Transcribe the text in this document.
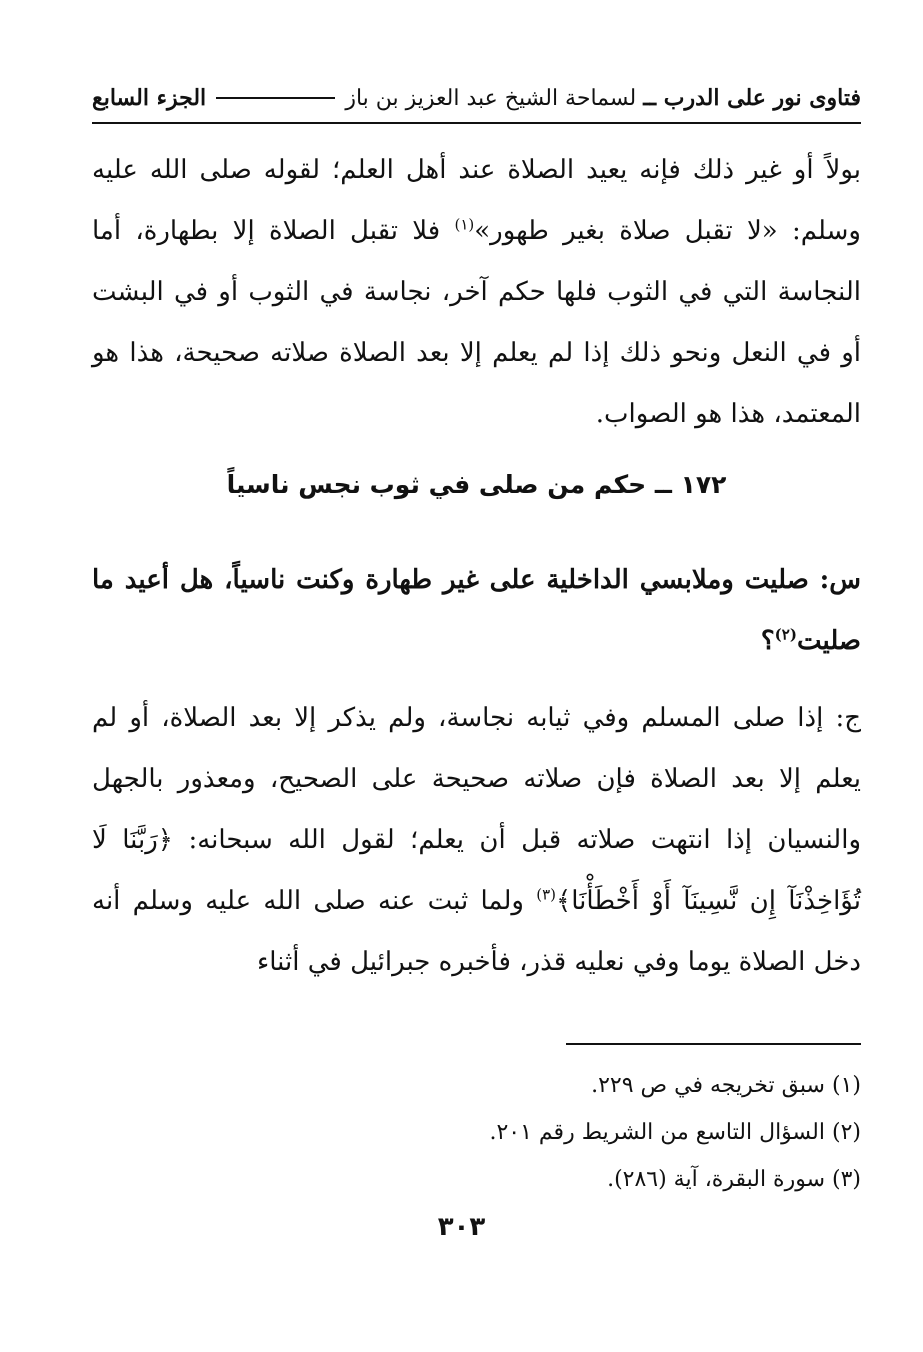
فتاوى نور على الدرب ــ لسماحة الشيخ عبد العزيز بن باز
الجزء السابع
بولاً أو غير ذلك فإنه يعيد الصلاة عند أهل العلم؛ لقوله صلى الله عليه وسلم: «لا تقبل صلاة بغير طهور»$^{(١)}$ فلا تقبل الصلاة إلا بطهارة، أما النجاسة التي في الثوب فلها حكم آخر، نجاسة في الثوب أو في البشت أو في النعل ونحو ذلك إذا لم يعلم إلا بعد الصلاة صلاته صحيحة، هذا هو المعتمد، هذا هو الصواب.
١٧٢ ــ حكم من صلى في ثوب نجس ناسياً
س: صليت وملابسي الداخلية على غير طهارة وكنت ناسياً، هل أعيد ما صليت$^{(٢)}$؟
ج: إذا صلى المسلم وفي ثيابه نجاسة، ولم يذكر إلا بعد الصلاة، أو لم يعلم إلا بعد الصلاة فإن صلاته صحيحة على الصحيح، ومعذور بالجهل والنسيان إذا انتهت صلاته قبل أن يعلم؛ لقول الله سبحانه: ﴿رَبَّنَا لَا تُؤَاخِذْنَآ إِن نَّسِينَآ أَوْ أَخْطَأْنَا﴾$^{(٣)}$ ولما ثبت عنه صلى الله عليه وسلم أنه دخل الصلاة يوما وفي نعليه قذر، فأخبره جبرائيل في أثناء
(١) سبق تخريجه في ص ٢٢٩.
(٢) السؤال التاسع من الشريط رقم ٢٠١.
(٣) سورة البقرة، آية (٢٨٦).
٣٠٣
